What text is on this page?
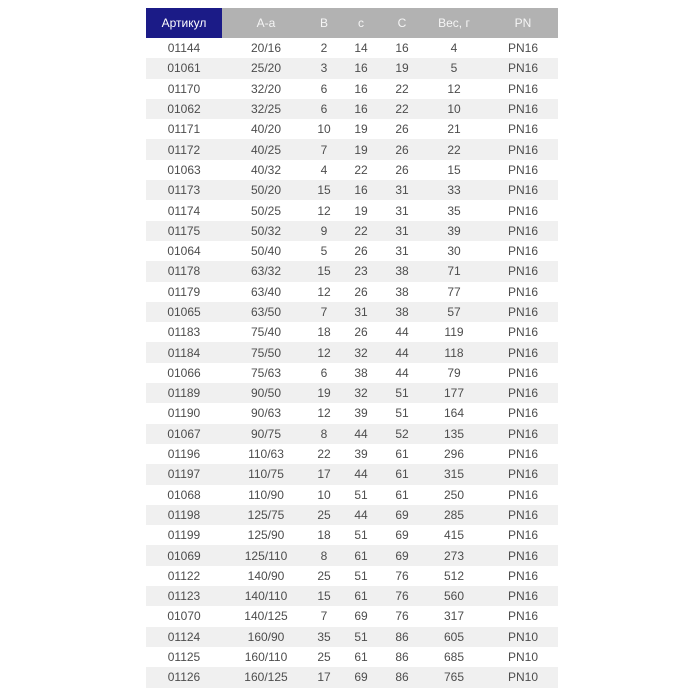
Артикул	А-а	В	с	С	Вес, г	PN
01144	20/16	2	14	16	4	PN16
01061	25/20	3	16	19	5	PN16
01170	32/20	6	16	22	12	PN16
01062	32/25	6	16	22	10	PN16
01171	40/20	10	19	26	21	PN16
01172	40/25	7	19	26	22	PN16
01063	40/32	4	22	26	15	PN16
01173	50/20	15	16	31	33	PN16
01174	50/25	12	19	31	35	PN16
01175	50/32	9	22	31	39	PN16
01064	50/40	5	26	31	30	PN16
01178	63/32	15	23	38	71	PN16
01179	63/40	12	26	38	77	PN16
01065	63/50	7	31	38	57	PN16
01183	75/40	18	26	44	119	PN16
01184	75/50	12	32	44	118	PN16
01066	75/63	6	38	44	79	PN16
01189	90/50	19	32	51	177	PN16
01190	90/63	12	39	51	164	PN16
01067	90/75	8	44	52	135	PN16
01196	110/63	22	39	61	296	PN16
01197	110/75	17	44	61	315	PN16
01068	110/90	10	51	61	250	PN16
01198	125/75	25	44	69	285	PN16
01199	125/90	18	51	69	415	PN16
01069	125/110	8	61	69	273	PN16
01122	140/90	25	51	76	512	PN16
01123	140/110	15	61	76	560	PN16
01070	140/125	7	69	76	317	PN16
01124	160/90	35	51	86	605	PN10
01125	160/110	25	61	86	685	PN10
01126	160/125	17	69	86	765	PN10
